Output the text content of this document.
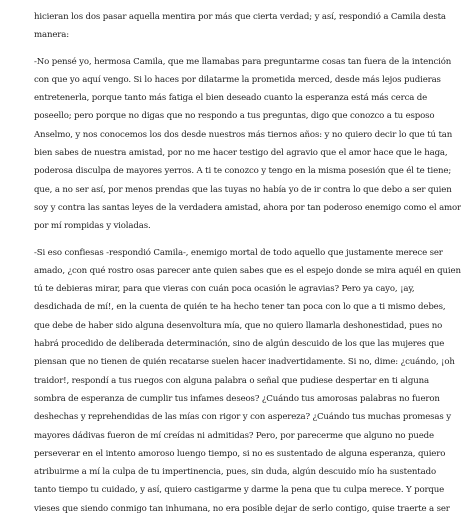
hicieran los dos pasar aquella mentira por más que cierta verdad; y así, respondió a Camila desta
manera:

-No pensé yo, hermosa Camila, que me llamabas para preguntarme cosas tan fuera de la intención
con que yo aquí vengo. Si lo haces por dilatarme la prometida merced, desde más lejos pudieras
entretenerla, porque tanto más fatiga el bien deseado cuanto la esperanza está más cerca de
poseello; pero porque no digas que no respondo a tus preguntas, digo que conozco a tu esposo
Anselmo, y nos conocemos los dos desde nuestros más tiernos años: y no quiero decir lo que tú tan
bien sabes de nuestra amistad, por no me hacer testigo del agravio que el amor hace que le haga,
poderosa disculpa de mayores yerros. A ti te conozco y tengo en la misma posesión que él te tiene;
que, a no ser así, por menos prendas que las tuyas no había yo de ir contra lo que debo a ser quien
soy y contra las santas leyes de la verdadera amistad, ahora por tan poderoso enemigo como el amor
por mí rompidas y violadas.

-Si eso confiesas -respondió Camila-, enemigo mortal de todo aquello que justamente merece ser
amado, ¿con qué rostro osas parecer ante quien sabes que es el espejo donde se mira aquél en quien
tú te debieras mirar, para que vieras con cuán poca ocasión le agravias? Pero ya cayo, ¡ay,
desdichada de mí!, en la cuenta de quién te ha hecho tener tan poca con lo que a ti mismo debes,
que debe de haber sido alguna desenvoltura mía, que no quiero llamarla deshonestidad, pues no
habrá procedido de deliberada determinación, sino de algún descuido de los que las mujeres que
piensan que no tienen de quién recatarse suelen hacer inadvertidamente. Si no, dime: ¿cuándo, ¡oh
traidor!, respondí a tus ruegos con alguna palabra o señal que pudiese despertar en ti alguna
sombra de esperanza de cumplir tus infames deseos? ¿Cuándo tus amorosas palabras no fueron
deshechas y reprehendidas de las mías con rigor y con aspereza? ¿Cuándo tus muchas promesas y
mayores dádivas fueron de mí creídas ni admitidas? Pero, por parecerme que alguno no puede
perseverar en el intento amoroso luengo tiempo, si no es sustentado de alguna esperanza, quiero
atribuirme a mí la culpa de tu impertinencia, pues, sin duda, algún descuido mío ha sustentado
tanto tiempo tu cuidado, y así, quiero castigarme y darme la pena que tu culpa merece. Y porque
vieses que siendo conmigo tan inhumana, no era posible dejar de serlo contigo, quise traerte a ser
